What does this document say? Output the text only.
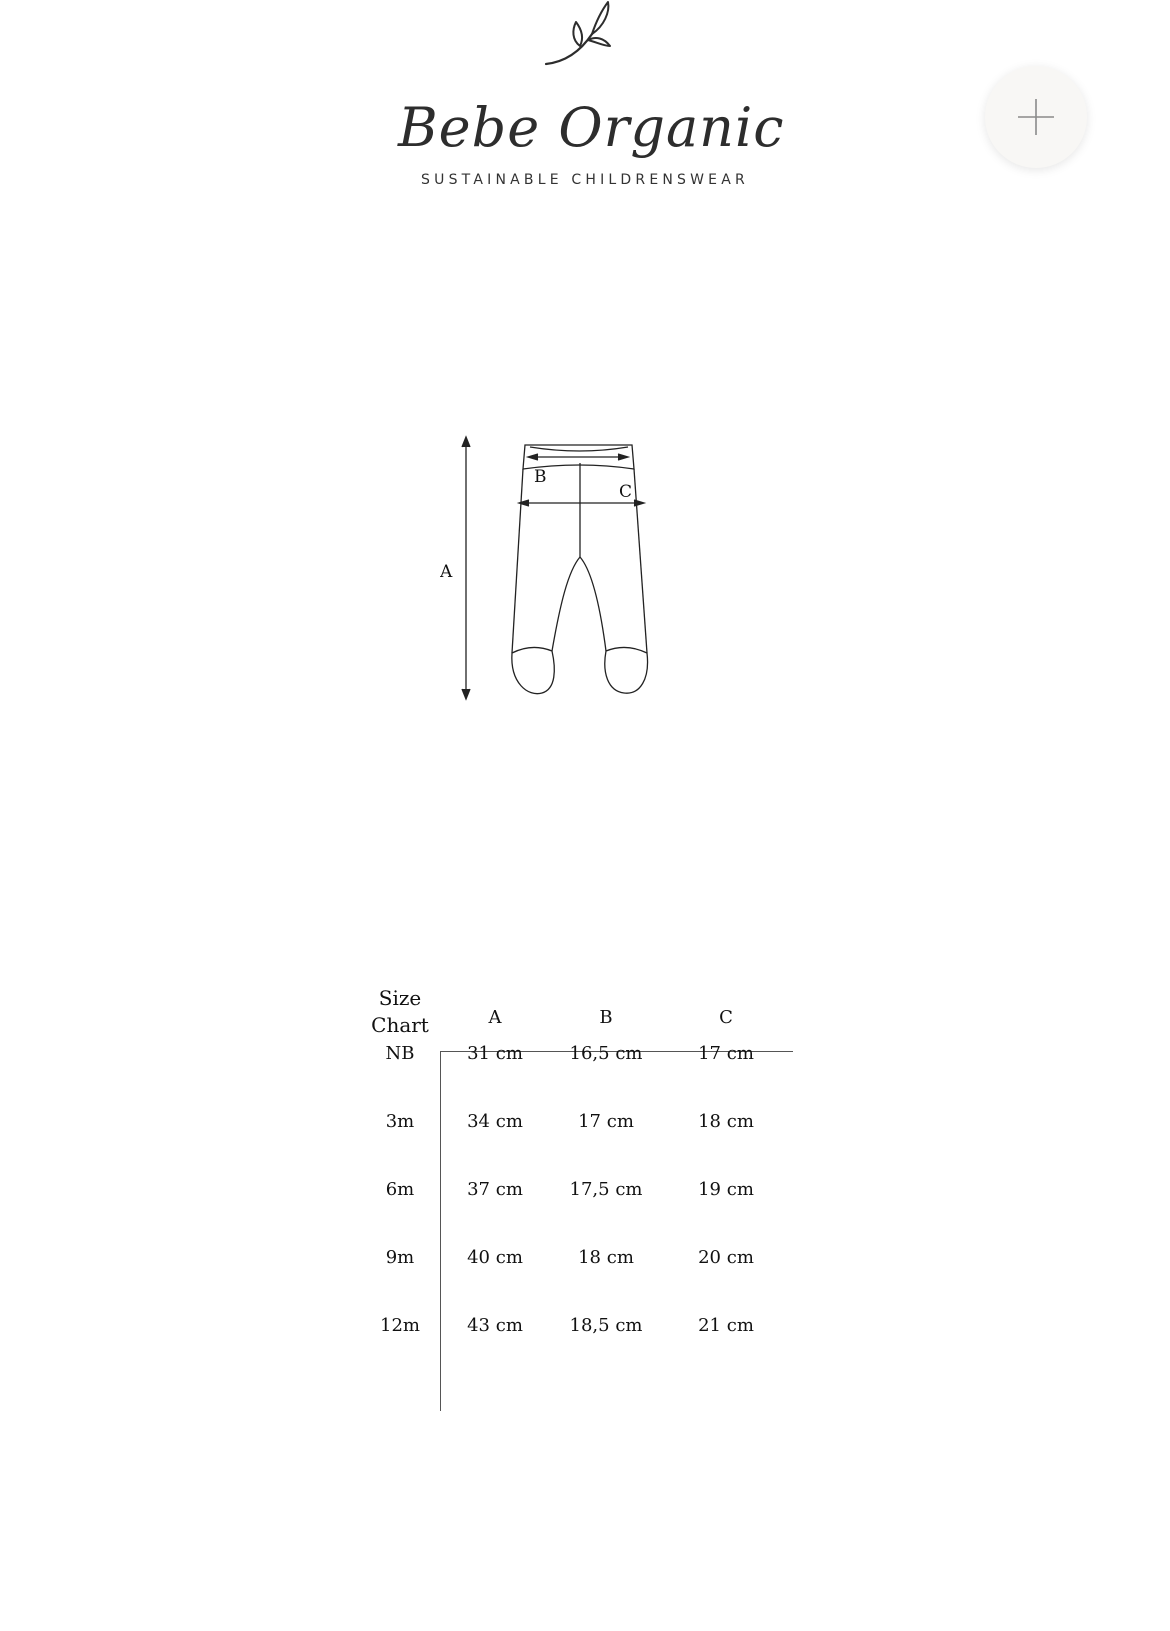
Bebe Organic
SUSTAINABLE CHILDRENSWEAR
A
B
C
Size
Chart	A	B	C
NB	31 cm	16,5 cm	17 cm
3m	34 cm	17 cm	18 cm
6m	37 cm	17,5 cm	19 cm
9m	40 cm	18 cm	20 cm
12m	43 cm	18,5 cm	21 cm
